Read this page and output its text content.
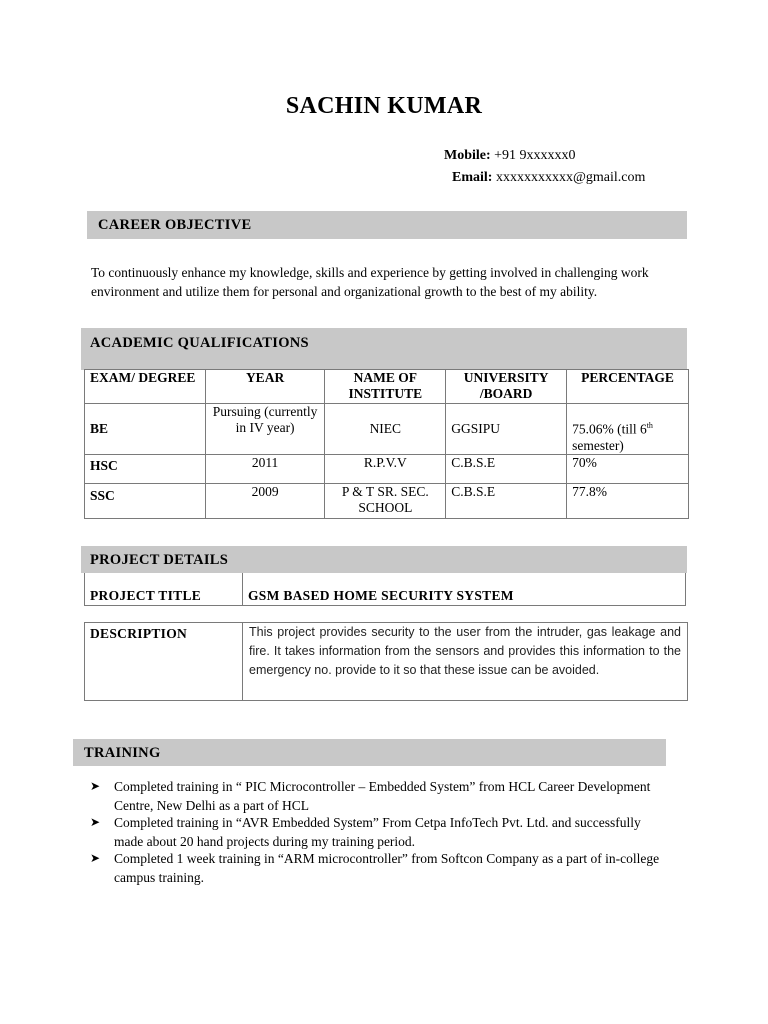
SACHIN KUMAR
Mobile: +91 9xxxxxx0
Email: xxxxxxxxxxx@gmail.com
CAREER OBJECTIVE
To continuously enhance my knowledge, skills and experience by getting involved in challenging work environment and utilize them for personal and organizational growth to the best of my ability.
ACADEMIC QUALIFICATIONS
EXAM/ DEGREE	YEAR	NAME OF INSTITUTE	UNIVERSITY /BOARD	PERCENTAGE
BE	Pursuing (currently in IV year)	NIEC	GGSIPU	75.06% (till 6th
semester)
HSC	2011	R.P.V.V	C.B.S.E	70%
SSC	2009	P & T SR. SEC. SCHOOL	C.B.S.E	77.8%
PROJECT DETAILS
PROJECT TITLE	GSM BASED HOME SECURITY SYSTEM
DESCRIPTION	This project provides security to the user from the intruder, gas leakage and fire. It takes information from the sensors and provides this information to the emergency no. provide to it so that these issue can be avoided.
TRAINING
➤ Completed training in “ PIC Microcontroller – Embedded System” from HCL Career Development Centre, New Delhi as a part of HCL
➤ Completed training in “AVR Embedded System” From Cetpa InfoTech Pvt. Ltd. and successfully made about 20 hand projects during my training period.
➤ Completed 1 week training in “ARM microcontroller” from Softcon Company as a part of in-college campus training.
